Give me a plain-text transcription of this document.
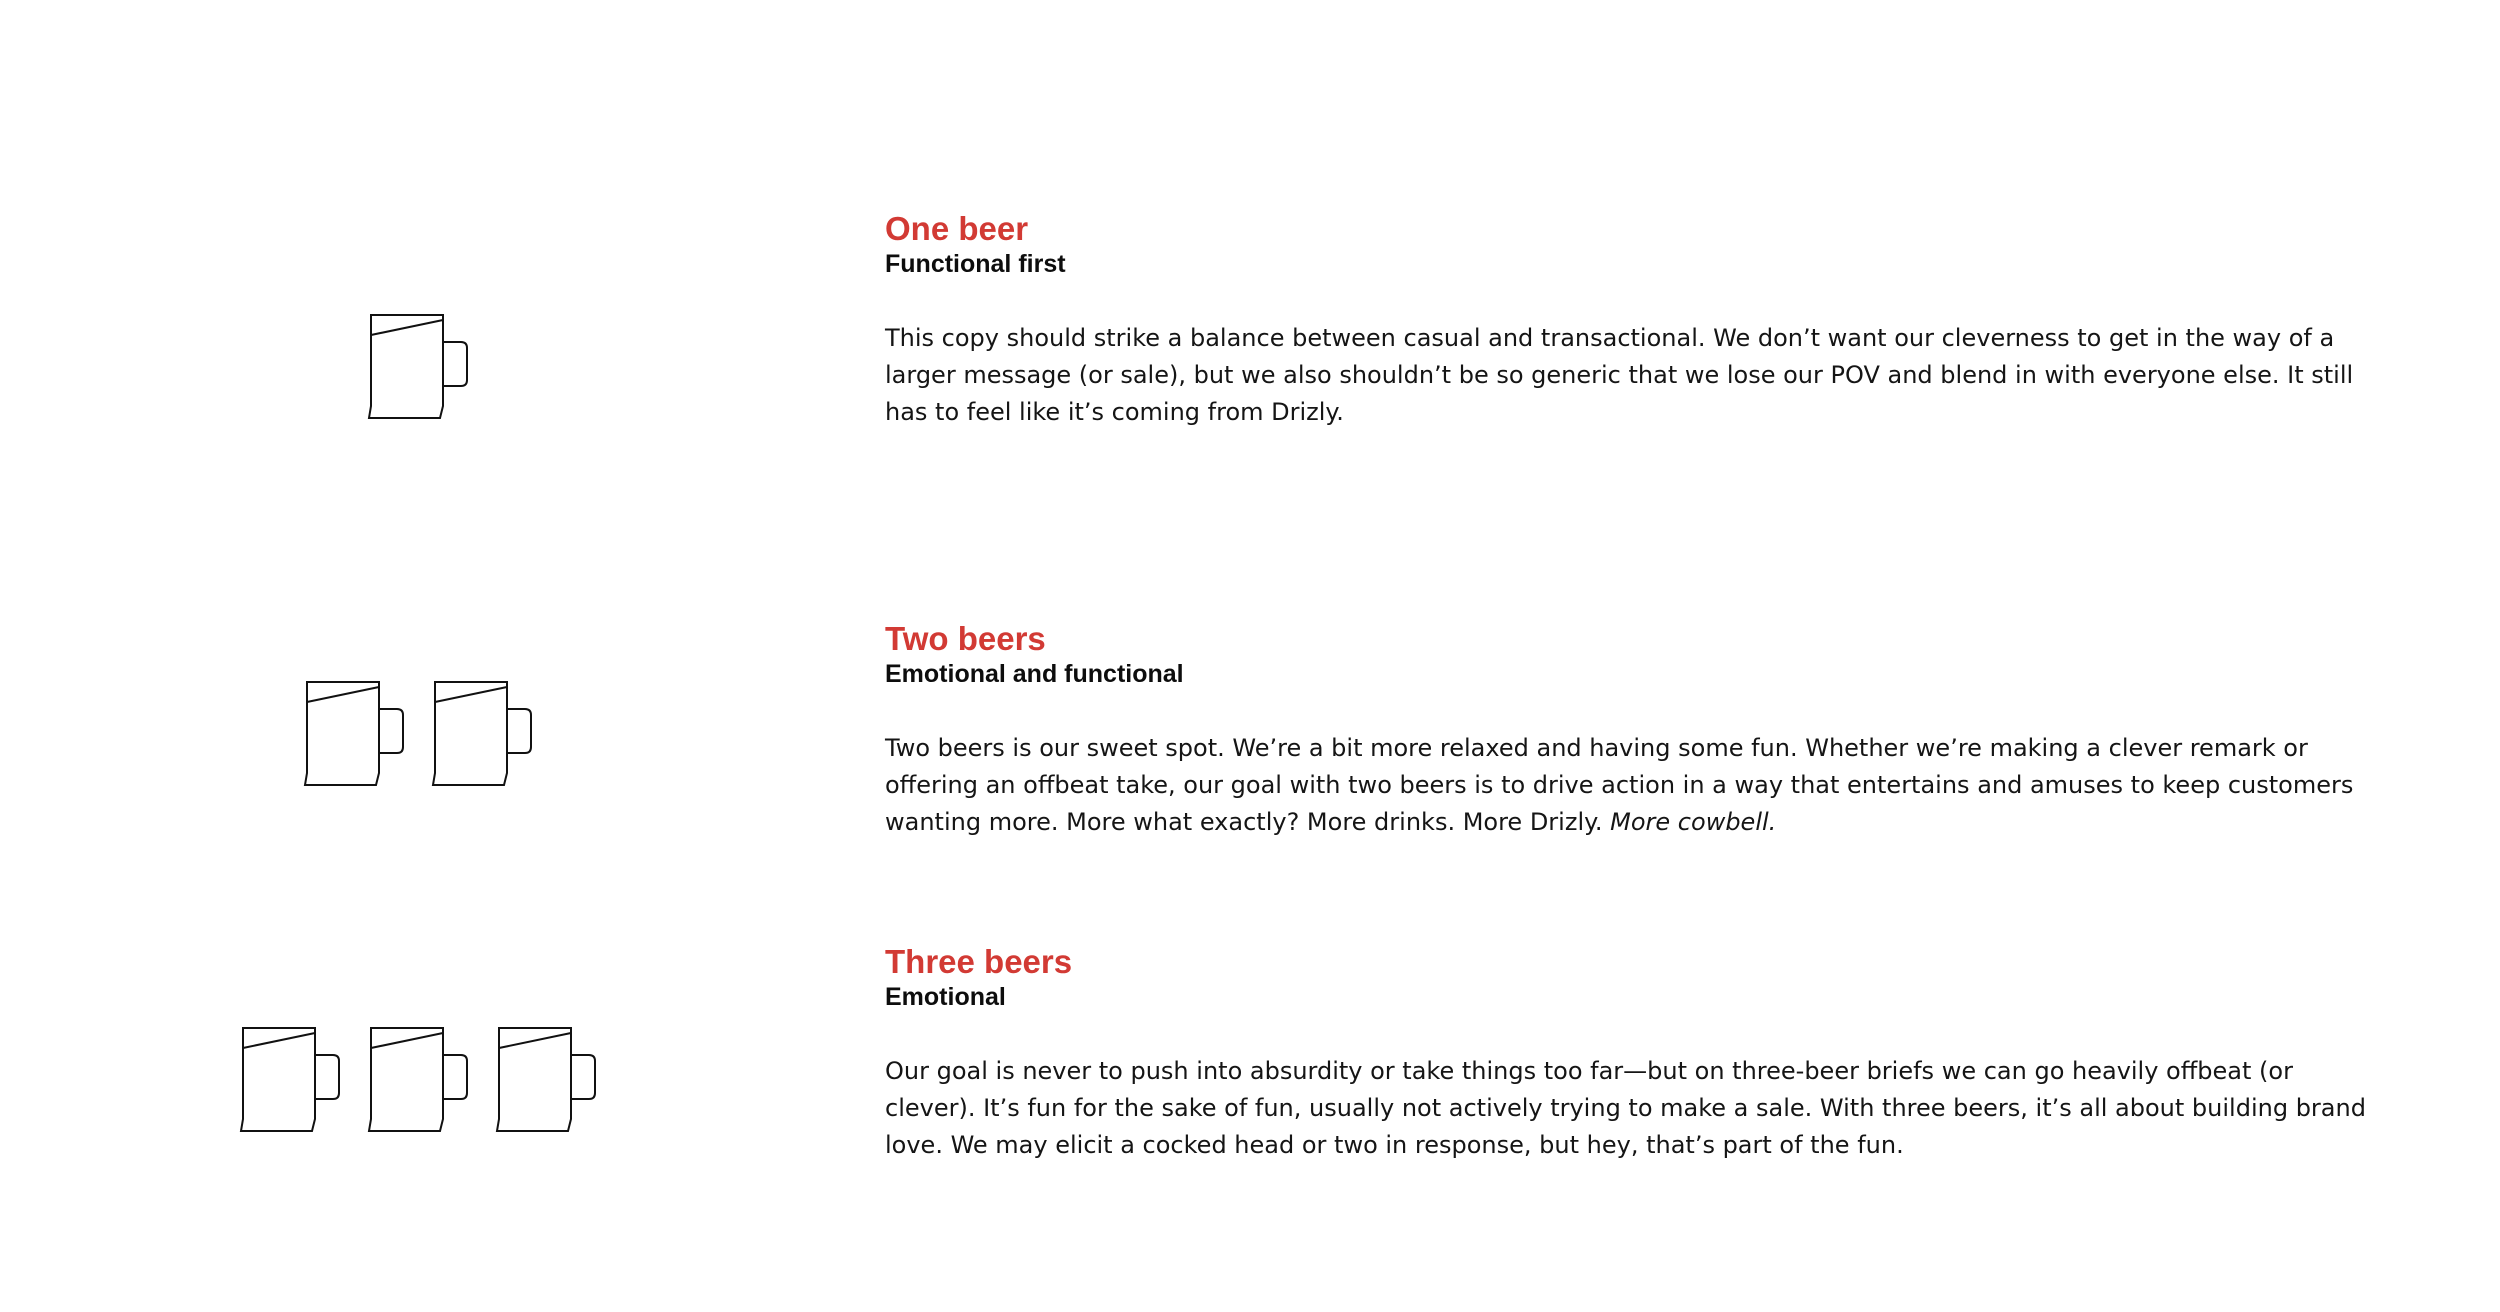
One beer
Functional first

This copy should strike a balance between casual and transactional. We don’t want our cleverness to get in the way of a larger message (or sale), but we also shouldn’t be so generic that we lose our POV and blend in with everyone else. It still has to feel like it’s coming from Drizly.

Two beers
Emotional and functional

Two beers is our sweet spot. We’re a bit more relaxed and having some fun. Whether we’re making a clever remark or offering an offbeat take, our goal with two beers is to drive action in a way that entertains and amuses to keep customers wanting more. More what exactly? More drinks. More Drizly. More cowbell.

Three beers
Emotional

Our goal is never to push into absurdity or take things too far—but on three-beer briefs we can go heavily offbeat (or clever). It’s fun for the sake of fun, usually not actively trying to make a sale. With three beers, it’s all about building brand love. We may elicit a cocked head or two in response, but hey, that’s part of the fun.
